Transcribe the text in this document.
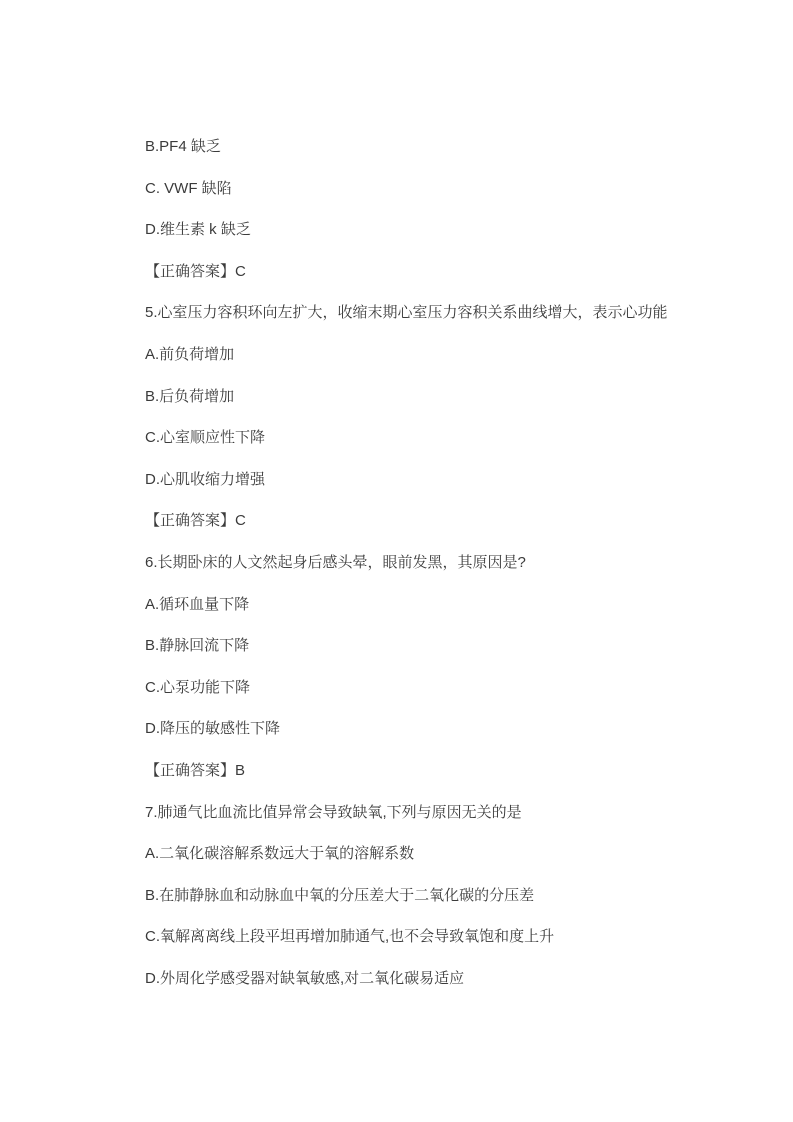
B.PF4 缺乏

C. VWF 缺陷

D.维生素 k 缺乏

【正确答案】C

5.心室压力容积环向左扩大，收缩末期心室压力容积关系曲线增大，表示心功能

A.前负荷增加

B.后负荷增加

C.心室顺应性下降

D.心肌收缩力增强

【正确答案】C

6.长期卧床的人文然起身后感头晕，眼前发黑，其原因是?

A.循环血量下降

B.静脉回流下降

C.心泵功能下降

D.降压的敏感性下降

【正确答案】B

7.肺通气比血流比值异常会导致缺氧,下列与原因无关的是

A.二氧化碳溶解系数远大于氧的溶解系数

B.在肺静脉血和动脉血中氧的分压差大于二氧化碳的分压差

C.氧解离离线上段平坦再增加肺通气,也不会导致氧饱和度上升

D.外周化学感受器对缺氧敏感,对二氧化碳易适应
